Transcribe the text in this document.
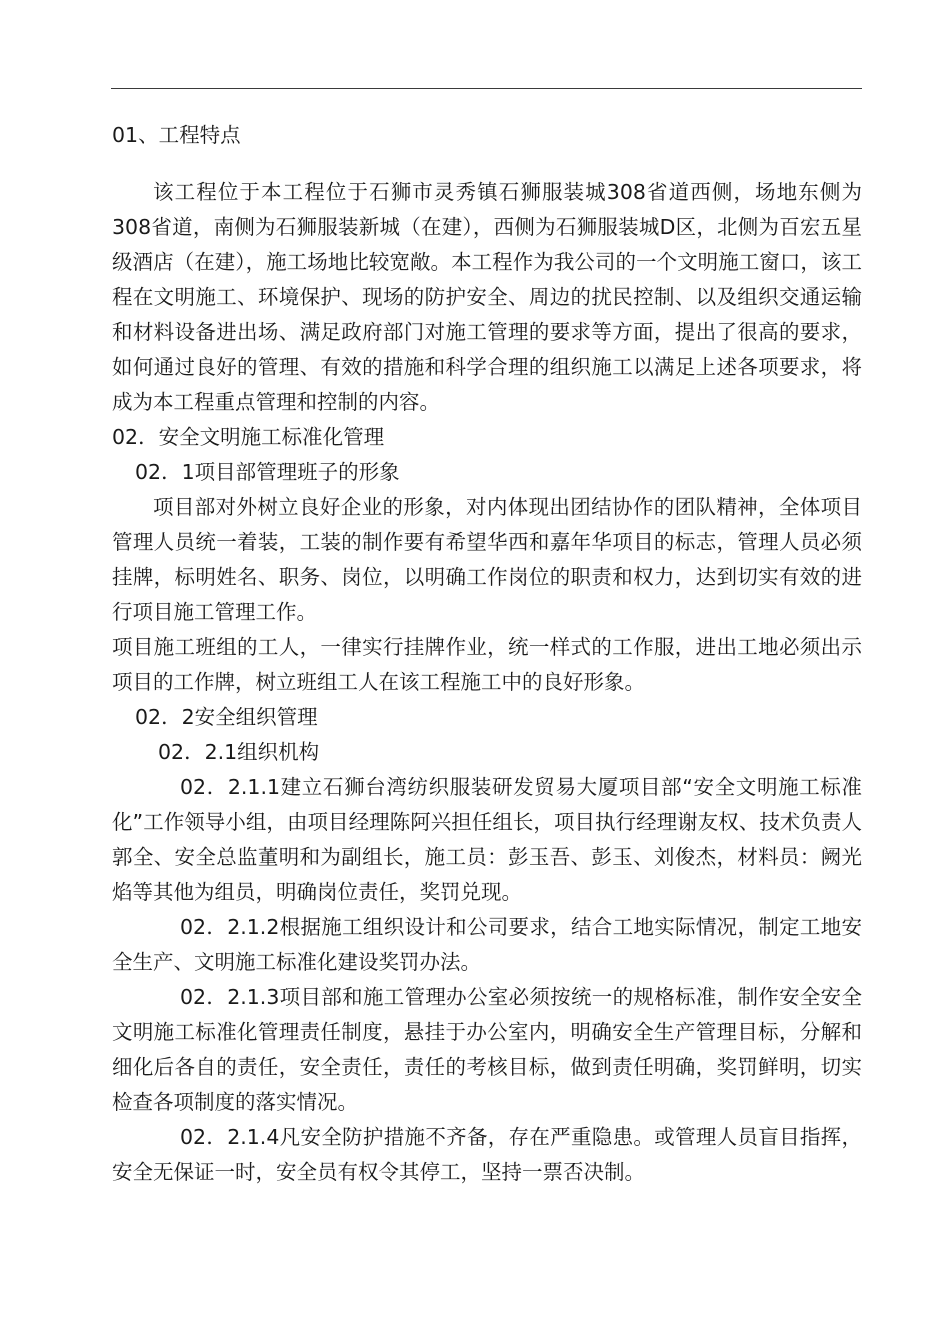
01、工程特点

该工程位于本工程位于石狮市灵秀镇石狮服装城308省道西侧，场地东侧为308省道，南侧为石狮服装新城（在建），西侧为石狮服装城D区，北侧为百宏五星级酒店（在建），施工场地比较宽敞。本工程作为我公司的一个文明施工窗口，该工程在文明施工、环境保护、现场的防护安全、周边的扰民控制、以及组织交通运输和材料设备进出场、满足政府部门对施工管理的要求等方面，提出了很高的要求，如何通过良好的管理、有效的措施和科学合理的组织施工以满足上述各项要求，将成为本工程重点管理和控制的内容。

02．安全文明施工标准化管理

02．1项目部管理班子的形象

项目部对外树立良好企业的形象，对内体现出团结协作的团队精神，全体项目管理人员统一着装，工装的制作要有希望华西和嘉年华项目的标志，管理人员必须挂牌，标明姓名、职务、岗位，以明确工作岗位的职责和权力，达到切实有效的进行项目施工管理工作。

项目施工班组的工人，一律实行挂牌作业，统一样式的工作服，进出工地必须出示项目的工作牌，树立班组工人在该工程施工中的良好形象。

02．2安全组织管理

02．2.1组织机构

02．2.1.1建立石狮台湾纺织服装研发贸易大厦项目部“安全文明施工标准化”工作领导小组，由项目经理陈阿兴担任组长，项目执行经理谢友权、技术负责人郭全、安全总监董明和为副组长，施工员：彭玉吾、彭玉、刘俊杰，材料员：阙光焰等其他为组员，明确岗位责任，奖罚兑现。

02．2.1.2根据施工组织设计和公司要求，结合工地实际情况，制定工地安全生产、文明施工标准化建设奖罚办法。

02．2.1.3项目部和施工管理办公室必须按统一的规格标准，制作安全安全文明施工标准化管理责任制度，悬挂于办公室内，明确安全生产管理目标，分解和细化后各自的责任，安全责任，责任的考核目标，做到责任明确，奖罚鲜明，切实检查各项制度的落实情况。

02．2.1.4凡安全防护措施不齐备，存在严重隐患。或管理人员盲目指挥，安全无保证一时，安全员有权令其停工，坚持一票否决制。
